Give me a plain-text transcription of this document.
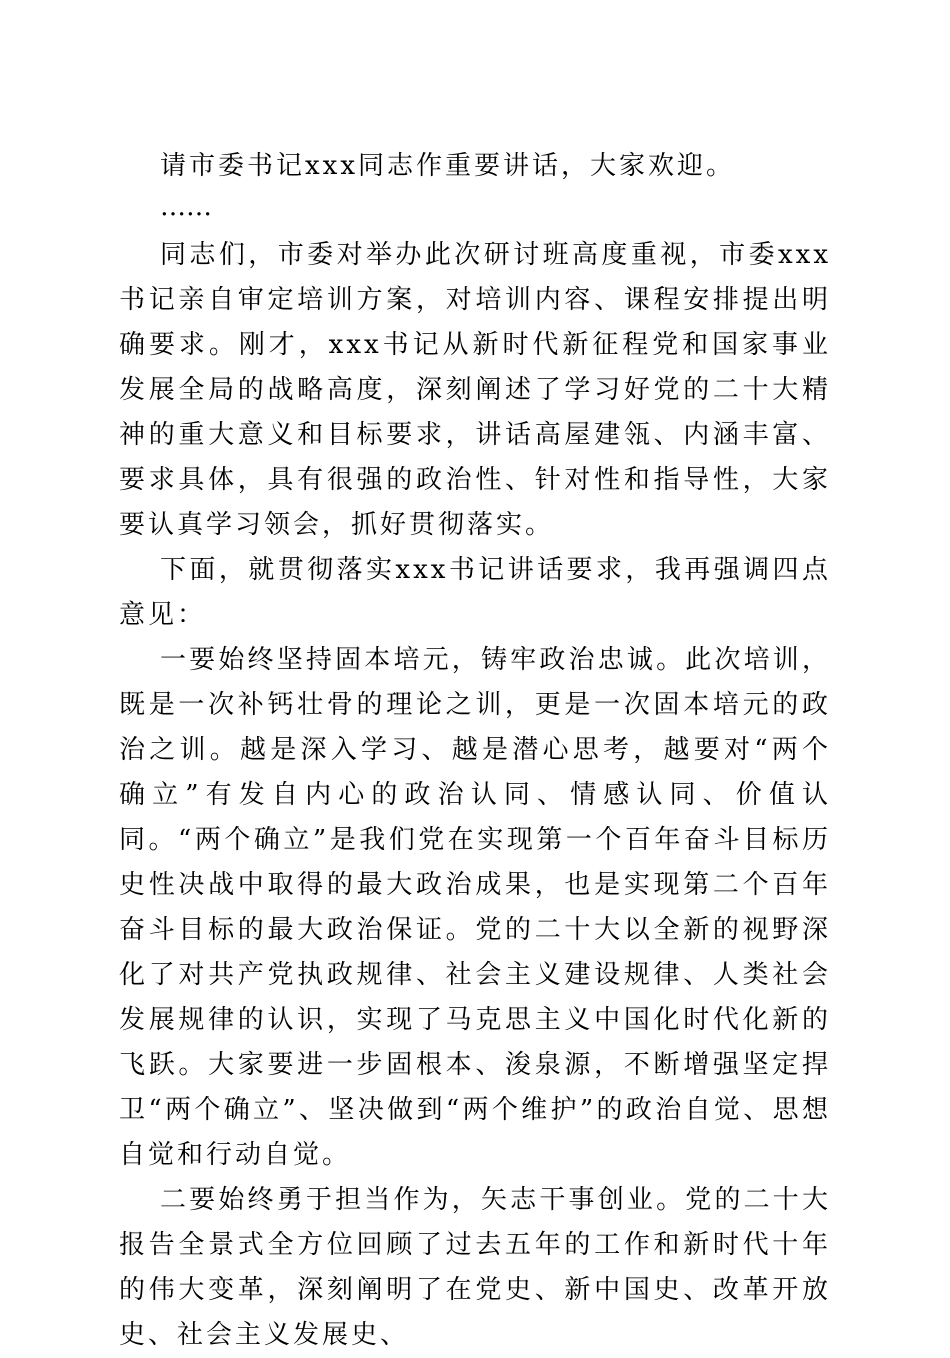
请市委书记xxx同志作重要讲话，大家欢迎。

……

同志们，市委对举办此次研讨班高度重视，市委xxx书记亲自审定培训方案，对培训内容、课程安排提出明确要求。刚才，xxx书记从新时代新征程党和国家事业发展全局的战略高度，深刻阐述了学习好党的二十大精神的重大意义和目标要求，讲话高屋建瓴、内涵丰富、要求具体，具有很强的政治性、针对性和指导性，大家要认真学习领会，抓好贯彻落实。

下面，就贯彻落实xxx书记讲话要求，我再强调四点意见：

一要始终坚持固本培元，铸牢政治忠诚。此次培训，既是一次补钙壮骨的理论之训，更是一次固本培元的政治之训。越是深入学习、越是潜心思考，越要对“两个确立”有发自内心的政治认同、情感认同、价值认同。“两个确立”是我们党在实现第一个百年奋斗目标历史性决战中取得的最大政治成果，也是实现第二个百年奋斗目标的最大政治保证。党的二十大以全新的视野深化了对共产党执政规律、社会主义建设规律、人类社会发展规律的认识，实现了马克思主义中国化时代化新的飞跃。大家要进一步固根本、浚泉源，不断增强坚定捍卫“两个确立”、坚决做到“两个维护”的政治自觉、思想自觉和行动自觉。

二要始终勇于担当作为，矢志干事创业。党的二十大报告全景式全方位回顾了过去五年的工作和新时代十年的伟大变革，深刻阐明了在党史、新中国史、改革开放史、社会主义发展史、
